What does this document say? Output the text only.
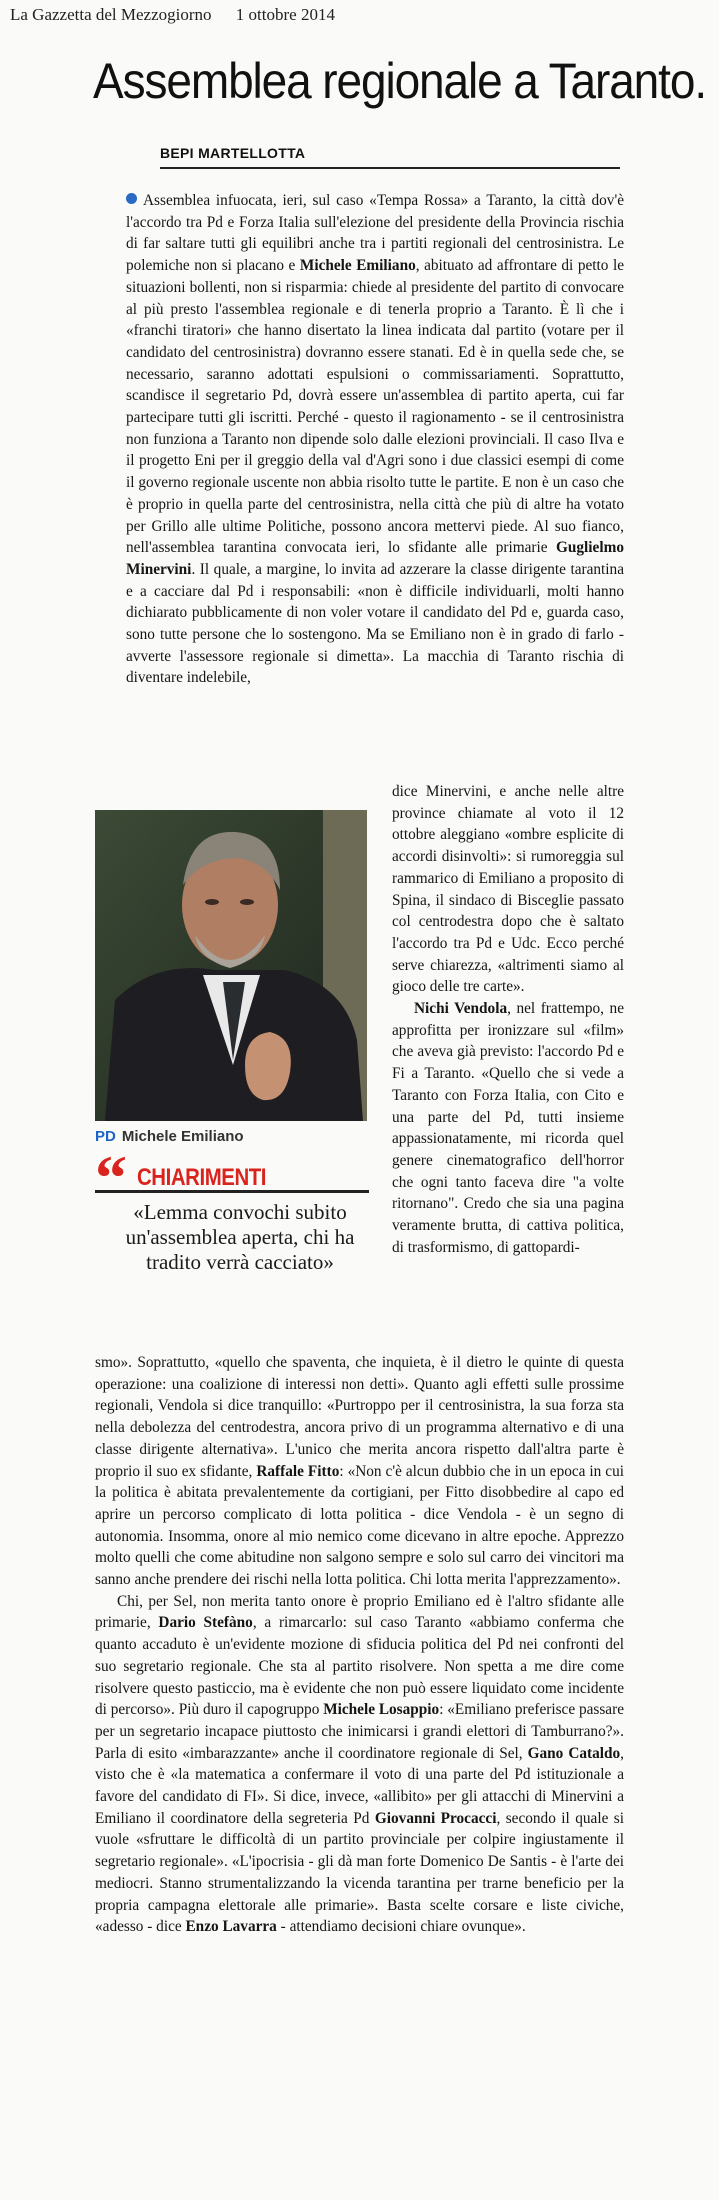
La Gazzetta del Mezzogiorno 1 ottobre 2014
Assemblea regionale a Taranto.
BEPI MARTELLOTTA

Assemblea infuocata, ieri, sul caso «Tempa Rossa» a Taranto, la città dov'è l'accordo tra Pd e Forza Italia sull'elezione del presidente della Provincia rischia di far saltare tutti gli equilibri anche tra i partiti regionali del centrosinistra. Le polemiche non si placano e Michele Emiliano, abituato ad affrontare di petto le situazioni bollenti, non si risparmia: chiede al presidente del partito di convocare al più presto l'assemblea regionale e di tenerla proprio a Taranto. È lì che i «franchi tiratori» che hanno disertato la linea indicata dal partito (votare per il candidato del centrosinistra) dovranno essere stanati. Ed è in quella sede che, se necessario, saranno adottati espulsioni o commissariamenti. Soprattutto, scandisce il segretario Pd, dovrà essere un'assemblea di partito aperta, cui far partecipare tutti gli iscritti. Perché - questo il ragionamento - se il centrosinistra non funziona a Taranto non dipende solo dalle elezioni provinciali. Il caso Ilva e il progetto Eni per il greggio della val d'Agri sono i due classici esempi di come il governo regionale uscente non abbia risolto tutte le partite. E non è un caso che è proprio in quella parte del centrosinistra, nella città che più di altre ha votato per Grillo alle ultime Politiche, possono ancora mettervi piede. Al suo fianco, nell'assemblea tarantina convocata ieri, lo sfidante alle primarie Guglielmo Minervini. Il quale, a margine, lo invita ad azzerare la classe dirigente tarantina e a cacciare dal Pd i responsabili: «non è difficile individuarli, molti hanno dichiarato pubblicamente di non voler votare il candidato del Pd e, guarda caso, sono tutte persone che lo sostengono. Ma se Emiliano non è in grado di farlo - avverte l'assessore regionale si dimetta». La macchia di Taranto rischia di diventare indelebile,

PD Michele Emiliano
“ CHIARIMENTI
«Lemma convochi subito un'assemblea aperta, chi ha tradito verrà cacciato»

dice Minervini, e anche nelle altre province chiamate al voto il 12 ottobre aleggiano «ombre esplicite di accordi disinvolti»: si rumoreggia sul rammarico di Emiliano a proposito di Spina, il sindaco di Bisceglie passato col centrodestra dopo che è saltato l'accordo tra Pd e Udc. Ecco perché serve chiarezza, «altrimenti siamo al gioco delle tre carte».

Nichi Vendola, nel frattempo, ne approfitta per ironizzare sul «film» che aveva già previsto: l'accordo Pd e Fi a Taranto. «Quello che si vede a Taranto con Forza Italia, con Cito e una parte del Pd, tutti insieme appassionatamente, mi ricorda quel genere cinematografico dell'horror che ogni tanto faceva dire "a volte ritornano". Credo che sia una pagina veramente brutta, di cattiva politica, di trasformismo, di gattopardi-

smo». Soprattutto, «quello che spaventa, che inquieta, è il dietro le quinte di questa operazione: una coalizione di interessi non detti». Quanto agli effetti sulle prossime regionali, Vendola si dice tranquillo: «Purtroppo per il centrosinistra, la sua forza sta nella debolezza del centrodestra, ancora privo di un programma alternativo e di una classe dirigente alternativa». L'unico che merita ancora rispetto dall'altra parte è proprio il suo ex sfidante, Raffale Fitto: «Non c'è alcun dubbio che in un epoca in cui la politica è abitata prevalentemente da cortigiani, per Fitto disobbedire al capo ed aprire un percorso complicato di lotta politica - dice Vendola - è un segno di autonomia. Insomma, onore al mio nemico come dicevano in altre epoche. Apprezzo molto quelli che come abitudine non salgono sempre e solo sul carro dei vincitori ma sanno anche prendere dei rischi nella lotta politica. Chi lotta merita l'apprezzamento».

Chi, per Sel, non merita tanto onore è proprio Emiliano ed è l'altro sfidante alle primarie, Dario Stefàno, a rimarcarlo: sul caso Taranto «abbiamo conferma che quanto accaduto è un'evidente mozione di sfiducia politica del Pd nei confronti del suo segretario regionale. Che sta al partito risolvere. Non spetta a me dire come risolvere questo pasticcio, ma è evidente che non può essere liquidato come incidente di percorso». Più duro il capogruppo Michele Losappio: «Emiliano preferisce passare per un segretario incapace piuttosto che inimicarsi i grandi elettori di Tamburrano?». Parla di esito «imbarazzante» anche il coordinatore regionale di Sel, Gano Cataldo, visto che è «la matematica a confermare il voto di una parte del Pd istituzionale a favore del candidato di FI». Si dice, invece, «allibito» per gli attacchi di Minervini a Emiliano il coordinatore della segreteria Pd Giovanni Procacci, secondo il quale si vuole «sfruttare le difficoltà di un partito provinciale per colpire ingiustamente il segretario regionale». «L'ipocrisia - gli dà man forte Domenico De Santis - è l'arte dei mediocri. Stanno strumentalizzando la vicenda tarantina per trarne beneficio per la propria campagna elettorale alle primarie». Basta scelte corsare e liste civiche, «adesso - dice Enzo Lavarra - attendiamo decisioni chiare ovunque».
